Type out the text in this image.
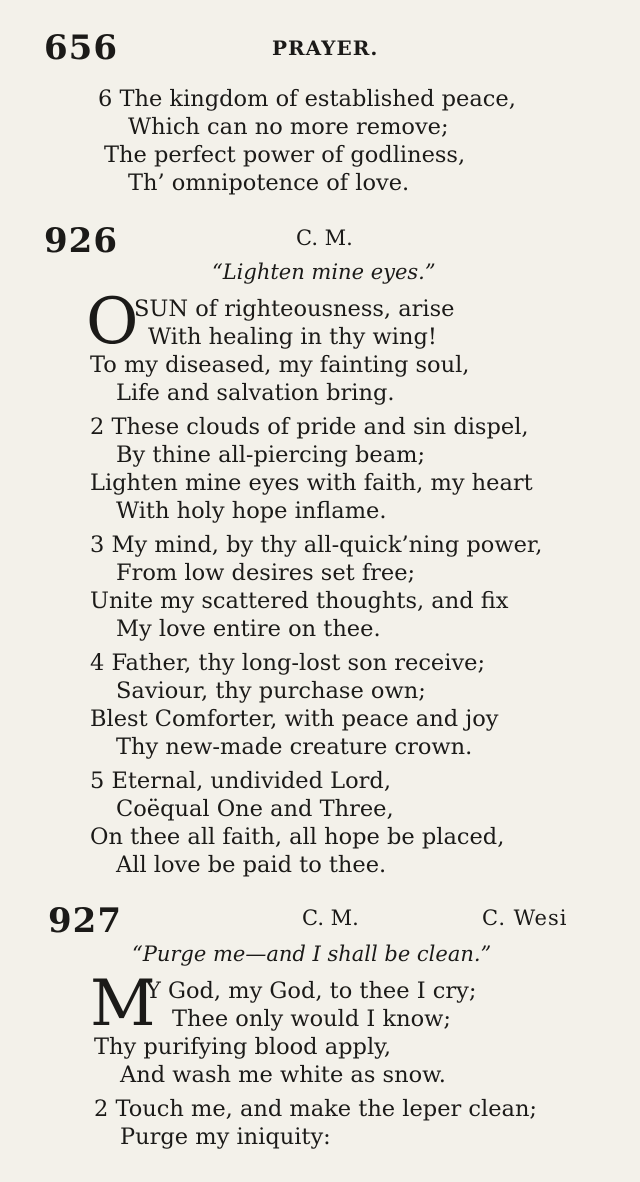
656	PRAYER.
6 The kingdom of established peace,
Which can no more remove;
The perfect power of godliness,
Th’ omnipotence of love.
926	C. M.
“Lighten mine eyes.”
O
SUN of righteousness, arise
With healing in thy wing!
To my diseased, my fainting soul,
Life and salvation bring.
2 These clouds of pride and sin dispel,
By thine all-piercing beam;
Lighten mine eyes with faith, my heart
With holy hope inflame.
3 My mind, by thy all-quick’ning power,
From low desires set free;
Unite my scattered thoughts, and fix
My love entire on thee.
4 Father, thy long-lost son receive;
Saviour, thy purchase own;
Blest Comforter, with peace and joy
Thy new-made creature crown.
5 Eternal, undivided Lord,
Coëqual One and Three,
On thee all faith, all hope be placed,
All love be paid to thee.
927	C. M.	C. Wesi
“Purge me—and I shall be clean.”
M
Y God, my God, to thee I cry;
Thee only would I know;
Thy purifying blood apply,
And wash me white as snow.
2 Touch me, and make the leper clean;
Purge my iniquity:
